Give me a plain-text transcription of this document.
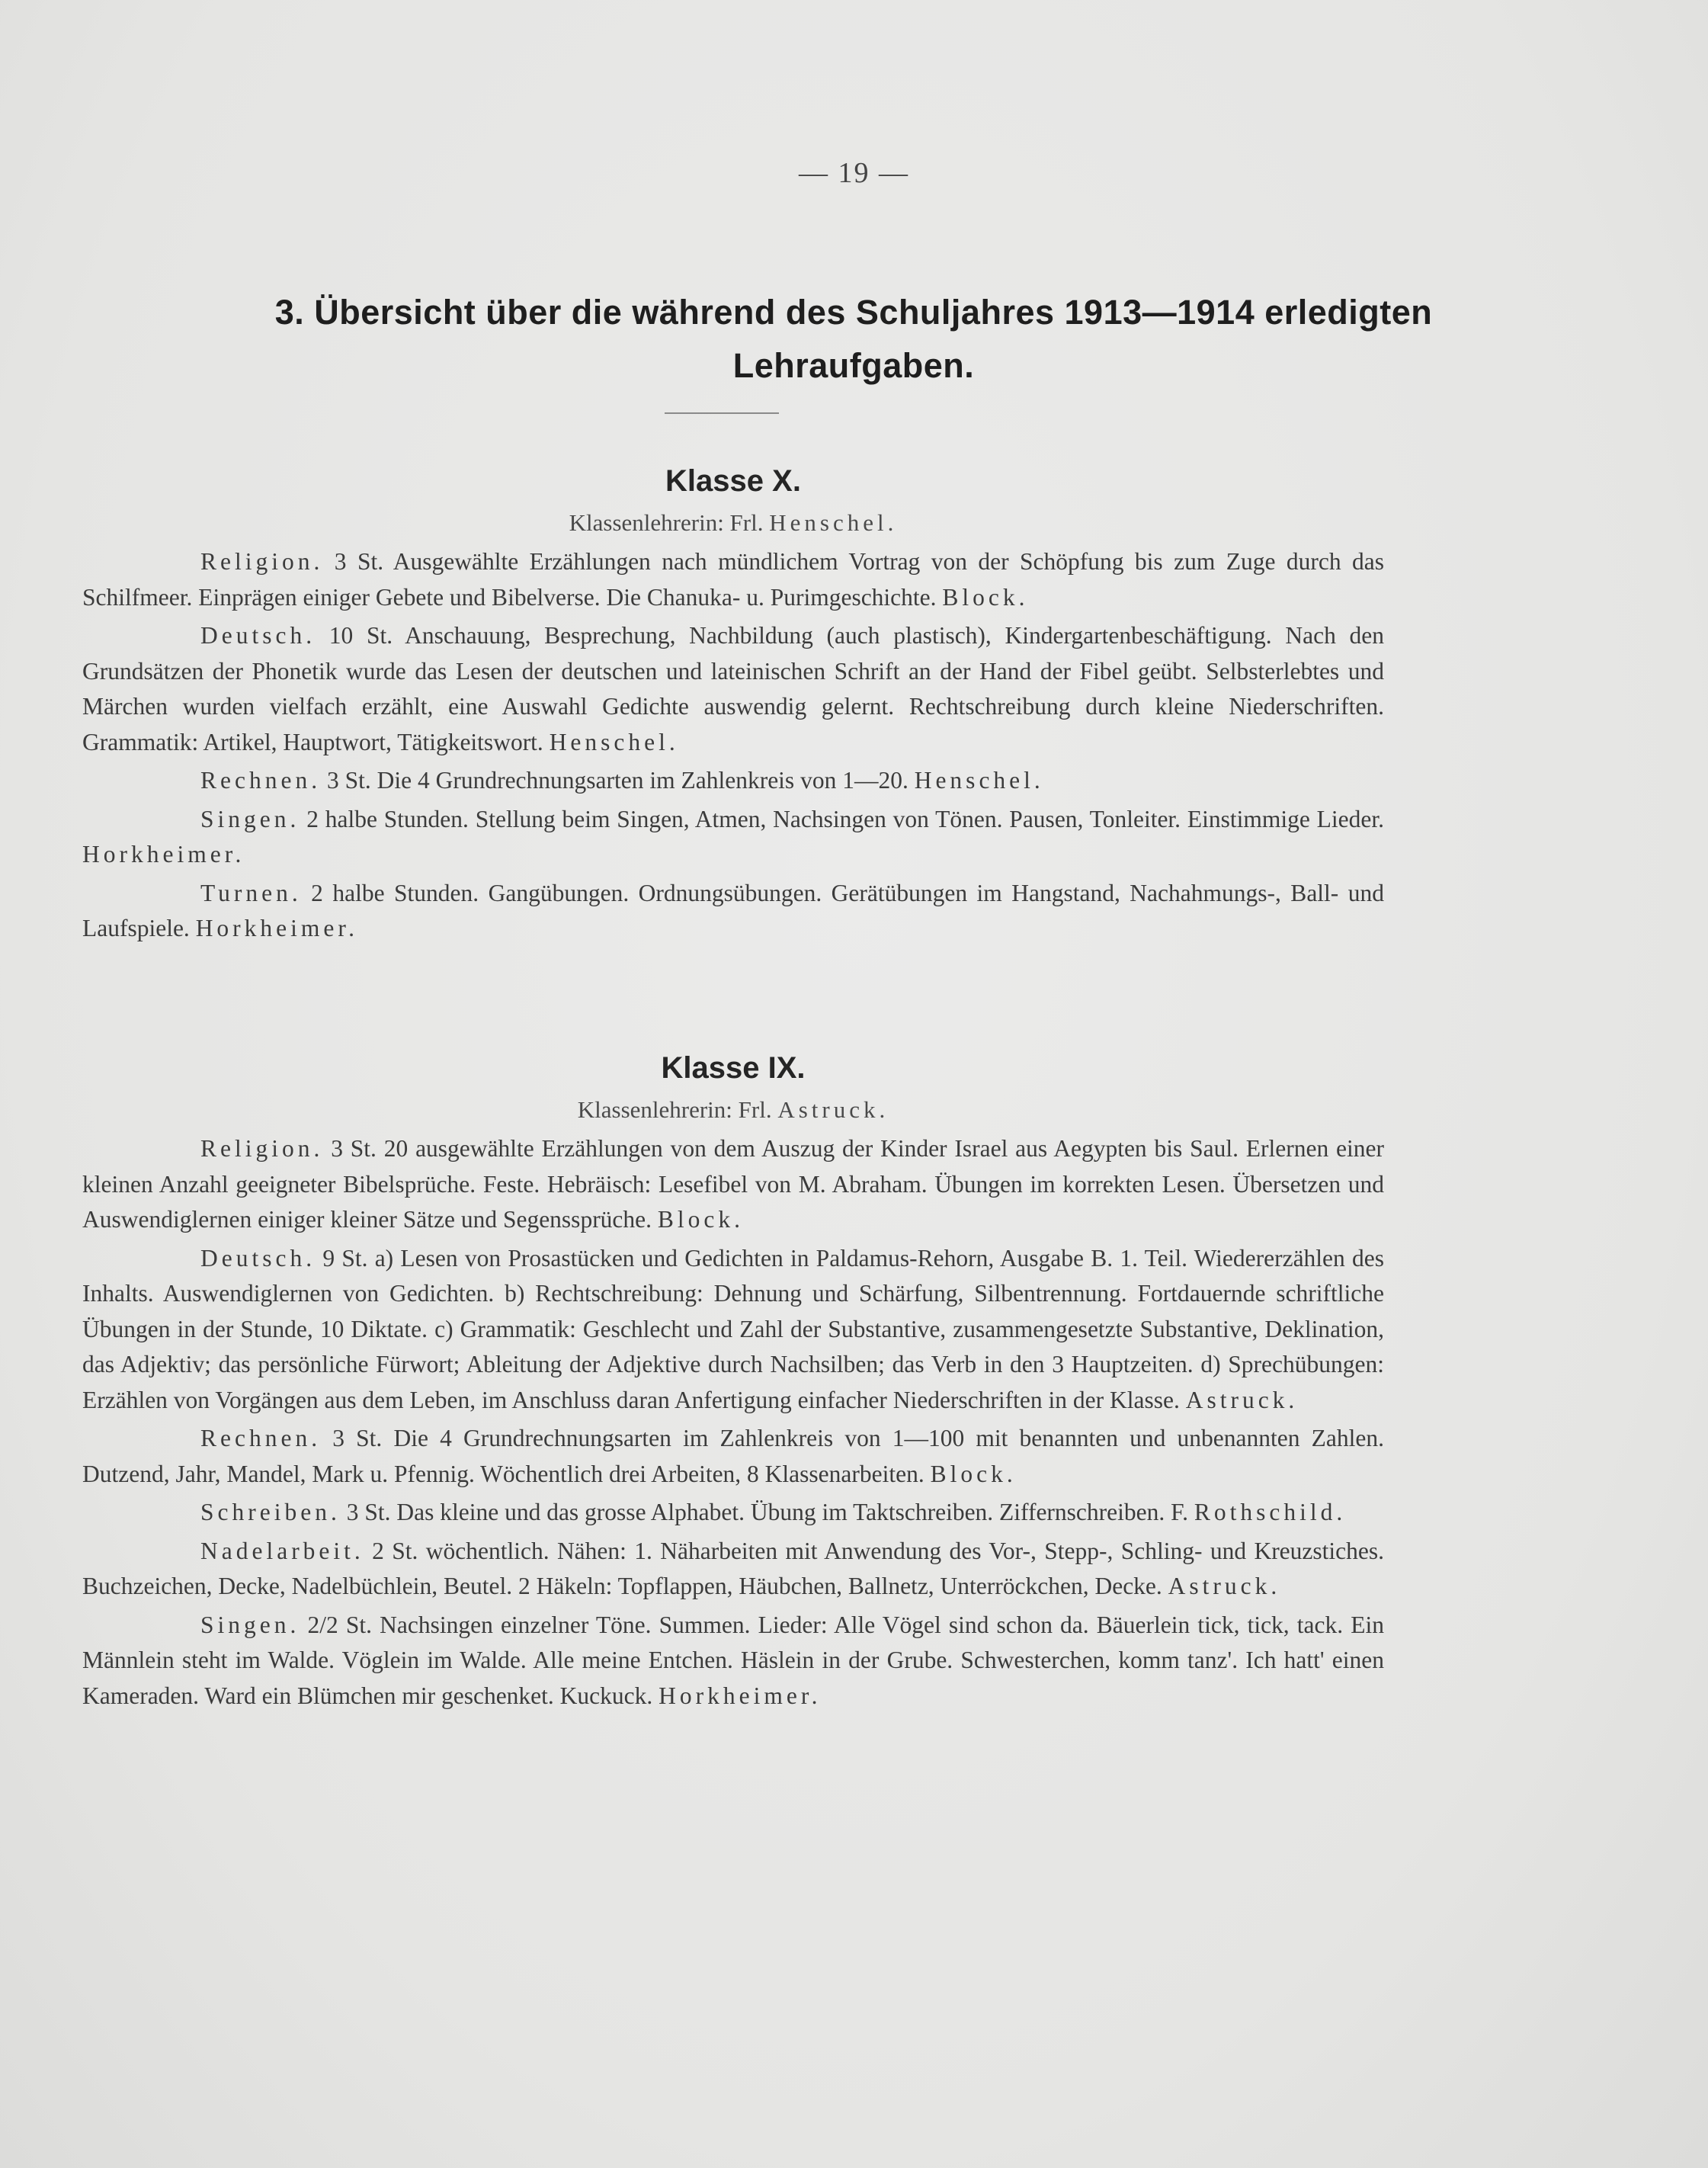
— 19 —
3. Übersicht über die während des Schuljahres 1913—1914 erledigten
Lehraufgaben.
Klasse X.
Klassenlehrerin: Frl. Henschel.

Religion. 3 St. Ausgewählte Erzählungen nach mündlichem Vortrag von der Schöpfung bis zum Zuge durch das Schilfmeer. Einprägen einiger Gebete und Bibelverse. Die Chanuka- u. Purimgeschichte. Block.

Deutsch. 10 St. Anschauung, Besprechung, Nachbildung (auch plastisch), Kindergartenbeschäftigung. Nach den Grundsätzen der Phonetik wurde das Lesen der deutschen und lateinischen Schrift an der Hand der Fibel geübt. Selbsterlebtes und Märchen wurden vielfach erzählt, eine Auswahl Gedichte auswendig gelernt. Rechtschreibung durch kleine Niederschriften. Grammatik: Artikel, Hauptwort, Tätigkeitswort. Henschel.

Rechnen. 3 St. Die 4 Grundrechnungsarten im Zahlenkreis von 1—20. Henschel.

Singen. 2 halbe Stunden. Stellung beim Singen, Atmen, Nachsingen von Tönen. Pausen, Tonleiter. Einstimmige Lieder. Horkheimer.

Turnen. 2 halbe Stunden. Gangübungen. Ordnungsübungen. Gerätübungen im Hangstand, Nachahmungs-, Ball- und Laufspiele. Horkheimer.

Klasse IX.
Klassenlehrerin: Frl. Astruck.

Religion. 3 St. 20 ausgewählte Erzählungen von dem Auszug der Kinder Israel aus Aegypten bis Saul. Erlernen einer kleinen Anzahl geeigneter Bibelsprüche. Feste. Hebräisch: Lesefibel von M. Abraham. Übungen im korrekten Lesen. Übersetzen und Auswendiglernen einiger kleiner Sätze und Segenssprüche. Block.

Deutsch. 9 St. a) Lesen von Prosastücken und Gedichten in Paldamus-Rehorn, Ausgabe B. 1. Teil. Wiedererzählen des Inhalts. Auswendiglernen von Gedichten. b) Rechtschreibung: Dehnung und Schärfung, Silbentrennung. Fortdauernde schriftliche Übungen in der Stunde, 10 Diktate. c) Grammatik: Geschlecht und Zahl der Substantive, zusammengesetzte Substantive, Deklination, das Adjektiv; das persönliche Fürwort; Ableitung der Adjektive durch Nachsilben; das Verb in den 3 Hauptzeiten. d) Sprechübungen: Erzählen von Vorgängen aus dem Leben, im Anschluss daran Anfertigung einfacher Niederschriften in der Klasse. Astruck.

Rechnen. 3 St. Die 4 Grundrechnungsarten im Zahlenkreis von 1—100 mit benannten und unbenannten Zahlen. Dutzend, Jahr, Mandel, Mark u. Pfennig. Wöchentlich drei Arbeiten, 8 Klassenarbeiten. Block.

Schreiben. 3 St. Das kleine und das grosse Alphabet. Übung im Taktschreiben. Ziffernschreiben. F. Rothschild.

Nadelarbeit. 2 St. wöchentlich. Nähen: 1. Näharbeiten mit Anwendung des Vor-, Stepp-, Schling- und Kreuzstiches. Buchzeichen, Decke, Nadelbüchlein, Beutel. 2 Häkeln: Topflappen, Häubchen, Ballnetz, Unterröckchen, Decke. Astruck.

Singen. 2/2 St. Nachsingen einzelner Töne. Summen. Lieder: Alle Vögel sind schon da. Bäuerlein tick, tick, tack. Ein Männlein steht im Walde. Vöglein im Walde. Alle meine Entchen. Häslein in der Grube. Schwesterchen, komm tanz'. Ich hatt' einen Kameraden. Ward ein Blümchen mir geschenket. Kuckuck. Horkheimer.
